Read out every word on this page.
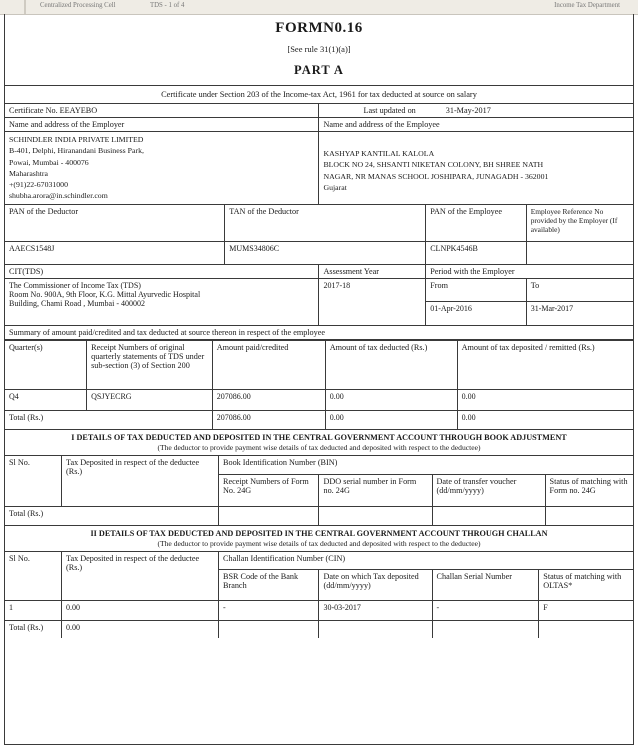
Centralized Processing Cell	TDS - 1 of 4	Income Tax Department
FORMN0.16
[See rule 31(1)(a)]
PART A
Certificate under Section 203 of the Income-tax Act, 1961 for tax deducted at source on salary
Certificate No. EEAYEBO		Last updated on 31-May-2017		
Name and address of the Employer		Name and address of the Employee		

SCHINDLER INDIA PRIVATE LIMITED
B-401, Delphi, Hiranandani Business Park,
Powai, Mumbai - 400076
Maharashtra
+(91)22-67031000
shubha.arora@in.schindler.com

KASHYAP KANTILAL KALOLA
BLOCK NO 24, SHSANTI NIKETAN COLONY, BH SHREE NATH
NAGAR, NR MANAS SCHOOL JOSHIPARA, JUNAGADH - 362001
Gujarat

PAN of the Deductor	TAN of the Deductor		PAN of the Employee	Employee Reference No provided by the Employer (If available)
AAECS1548J	MUMS34806C		CLNPK4546B	
CIT(TDS)		Assessment Year	Period with the Employer	

The Commissioner of Income Tax (TDS)
Room No. 900A, 9th Floor, K.G. Mittal Ayurvedic Hospital
Building, Chami Road , Mumbai - 400002		2017-18	From	To
			01-Apr-2016	31-Mar-2017
Summary of amount paid/credited and tax deducted at source thereon in respect of the employee				
Quarter(s)	Receipt Numbers of original quarterly statements of TDS under sub-section (3) of Section 200	Amount paid/credited	Amount of tax deducted (Rs.)	Amount of tax deposited / remitted (Rs.)
Q4	QSJYECRG	207086.00	0.00	0.00
Total (Rs.)		207086.00	0.00	0.00
I DETAILS OF TAX DEDUCTED AND DEPOSITED IN THE CENTRAL GOVERNMENT ACCOUNT THROUGH BOOK ADJUSTMENT
(The deductor to provide payment wise details of tax deducted and deposited with respect to the deductee)
Sl No.	Tax Deposited in respect of the deductee (Rs.)	Book Identification Number (BIN)			
		Receipt Numbers of Form No. 24G	DDO serial number in Form no. 24G	Date of transfer voucher (dd/mm/yyyy)	Status of matching with Form no. 24G
Total (Rs.)					
II DETAILS OF TAX DEDUCTED AND DEPOSITED IN THE CENTRAL GOVERNMENT ACCOUNT THROUGH CHALLAN
(The deductor to provide payment wise details of tax deducted and deposited with respect to the deductee)
Sl No.	Tax Deposited in respect of the deductee (Rs.)	Challan Identification Number (CIN)			
		BSR Code of the Bank Branch	Date on which Tax deposited (dd/mm/yyyy)	Challan Serial Number	Status of matching with OLTAS*
1	0.00	-	30-03-2017	-	F
Total (Rs.)	0.00				
